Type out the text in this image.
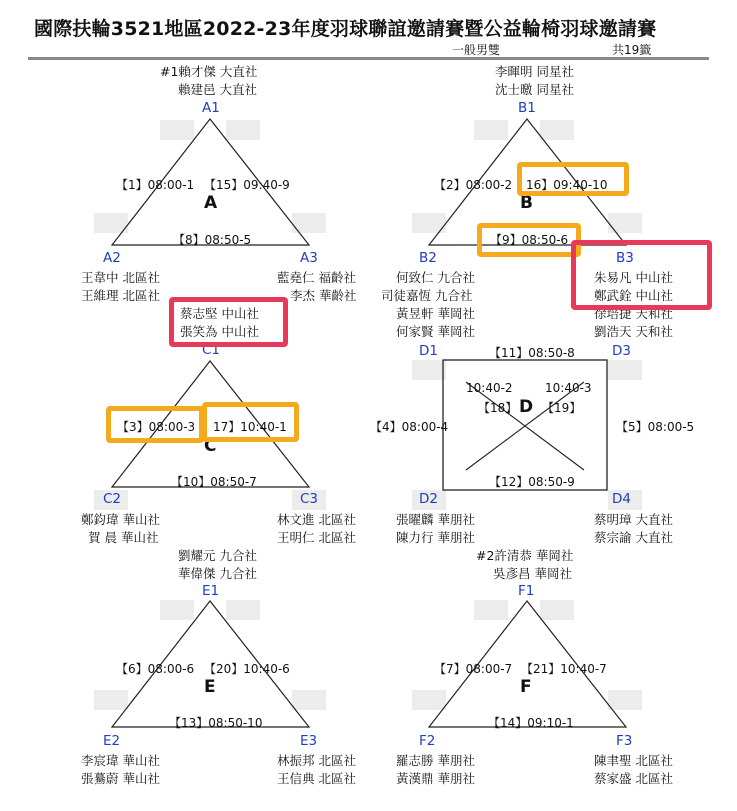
國際扶輪3521地區2022-23年度羽球聯誼邀請賽暨公益輪椅羽球邀請賽
一般男雙	共19籤
#1賴才傑 大直社
賴建邑 大直社
A1
【1】08:00-1 【15】09:40-9
A
【8】08:50-5
A2	A3
王韋中 北區社
王維理 北區社
藍堯仁 福齡社
李杰 華齡社
李暉明 同星社
沈士曒 同星社
B1
【2】08:00-2 16】09:40-10
B
【9】08:50-6
B2	B3
何致仁 九合社
司徒嘉恆 九合社
黃昱軒 華岡社
何家賢 華岡社
朱易凡 中山社
鄭武銓 中山社
徐培捷 天和社
劉浩天 天和社
蔡志堅 中山社
張笑為 中山社
C1
【3】08:00-3 17】10:40-1
C
【10】08:50-7
C2	C3
鄭鈞瑋 華山社
賀 晨 華山社
林文進 北區社
王明仁 北區社
D1	D3
【11】08:50-8
10:40-2	10:40-3
【18】 【19】
D
【4】08:00-4	【5】08:00-5
【12】08:50-9
D2	D4
張曜麟 華朋社
陳力行 華朋社
蔡明璋 大直社
蔡宗諭 大直社
劉耀元 九合社
華偉傑 九合社
E1
【6】08:00-6 【20】10:40-6
E
【13】08:50-10
E2	E3
李宸瑋 華山社
張驀蔚 華山社
林振邦 北區社
王信典 北區社
#2許清恭 華岡社
吳彥昌 華岡社
F1
【7】08:00-7 【21】10:40-7
F
【14】09:10-1
F2	F3
羅志勝 華朋社
黃漢鼎 華朋社
陳聿聖 北區社
蔡家盛 北區社
